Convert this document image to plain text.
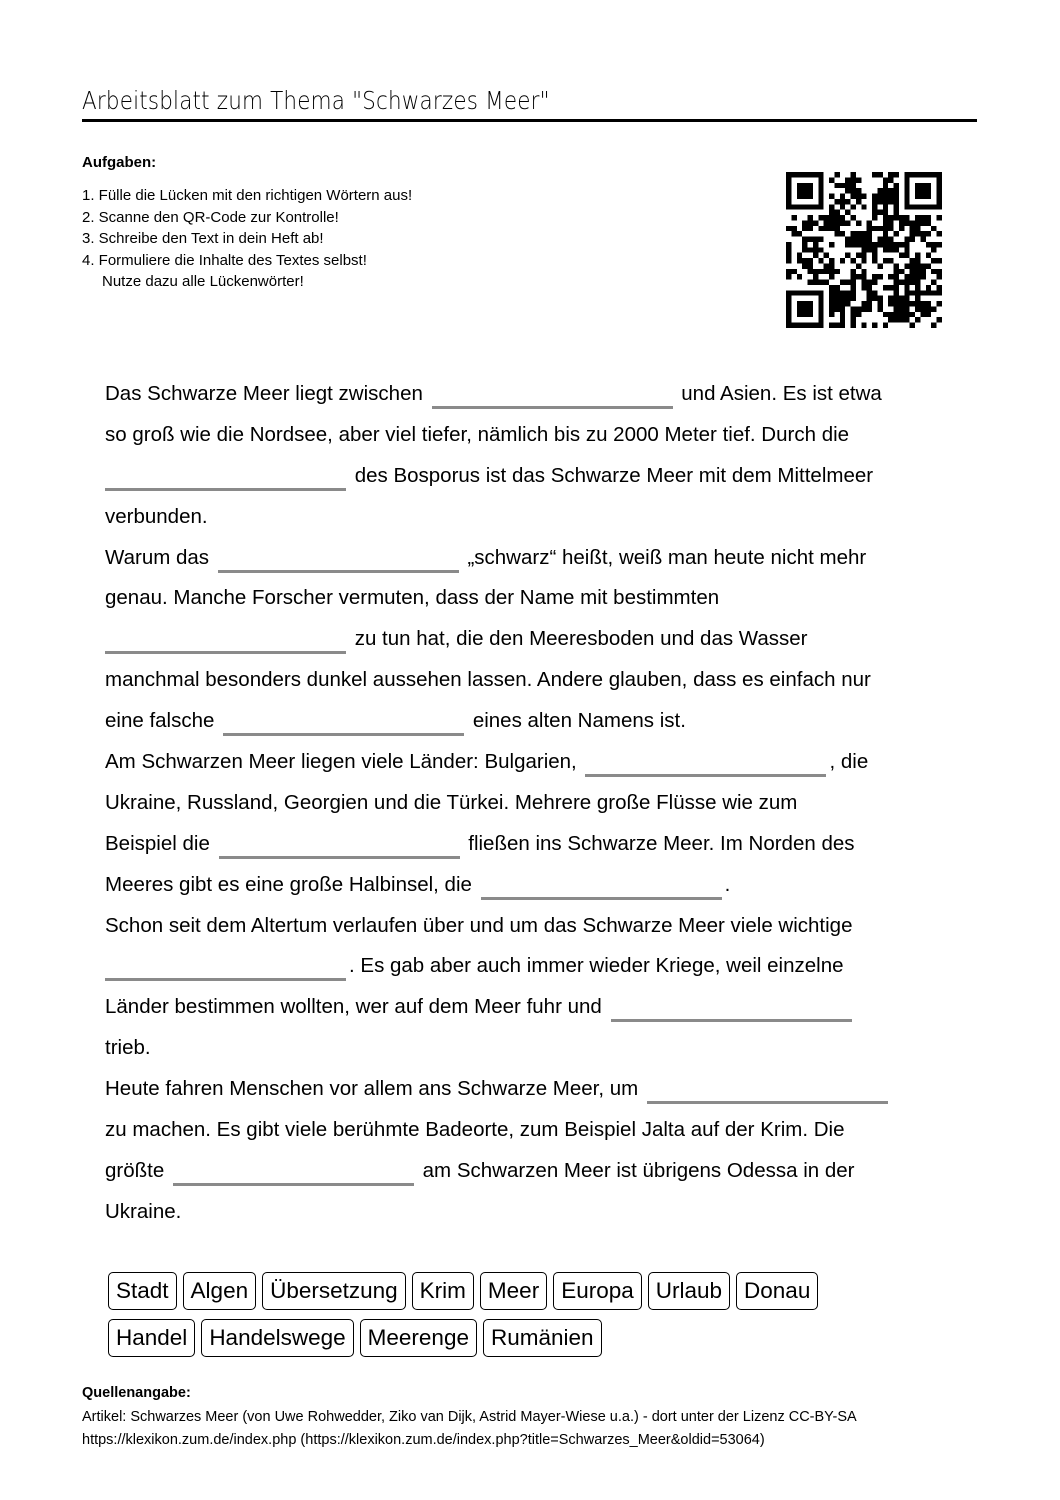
Arbeitsblatt zum Thema "Schwarzes Meer"
Aufgaben:
1. Fülle die Lücken mit den richtigen Wörtern aus!
2. Scanne den QR-Code zur Kontrolle!
3. Schreibe den Text in dein Heft ab!
4. Formuliere die Inhalte des Textes selbst!
Nutze dazu alle Lückenwörter!
Das Schwarze Meer liegt zwischen	und Asien. Es ist etwa
so groß wie die Nordsee, aber viel tiefer, nämlich bis zu 2000 Meter tief. Durch die
des Bosporus ist das Schwarze Meer mit dem Mittelmeer
verbunden.
Warum das	„schwarz“ heißt, weiß man heute nicht mehr
genau. Manche Forscher vermuten, dass der Name mit bestimmten
zu tun hat, die den Meeresboden und das Wasser
manchmal besonders dunkel aussehen lassen. Andere glauben, dass es einfach nur
eine falsche	eines alten Namens ist.
Am Schwarzen Meer liegen viele Länder: Bulgarien,	, die
Ukraine, Russland, Georgien und die Türkei. Mehrere große Flüsse wie zum
Beispiel die	fließen ins Schwarze Meer. Im Norden des
Meeres gibt es eine große Halbinsel, die	.
Schon seit dem Altertum verlaufen über und um das Schwarze Meer viele wichtige
. Es gab aber auch immer wieder Kriege, weil einzelne
Länder bestimmen wollten, wer auf dem Meer fuhr und
trieb.
Heute fahren Menschen vor allem ans Schwarze Meer, um
zu machen. Es gibt viele berühmte Badeorte, zum Beispiel Jalta auf der Krim. Die
größte	am Schwarzen Meer ist übrigens Odessa in der
Ukraine.
Stadt Algen Übersetzung Krim Meer Europa Urlaub Donau
Handel Handelswege Meerenge Rumänien
Quellenangabe:
Artikel: Schwarzes Meer (von Uwe Rohwedder, Ziko van Dijk, Astrid Mayer-Wiese u.a.) - dort unter der Lizenz CC-BY-SA
https://klexikon.zum.de/index.php (https://klexikon.zum.de/index.php?title=Schwarzes_Meer&oldid=53064)
